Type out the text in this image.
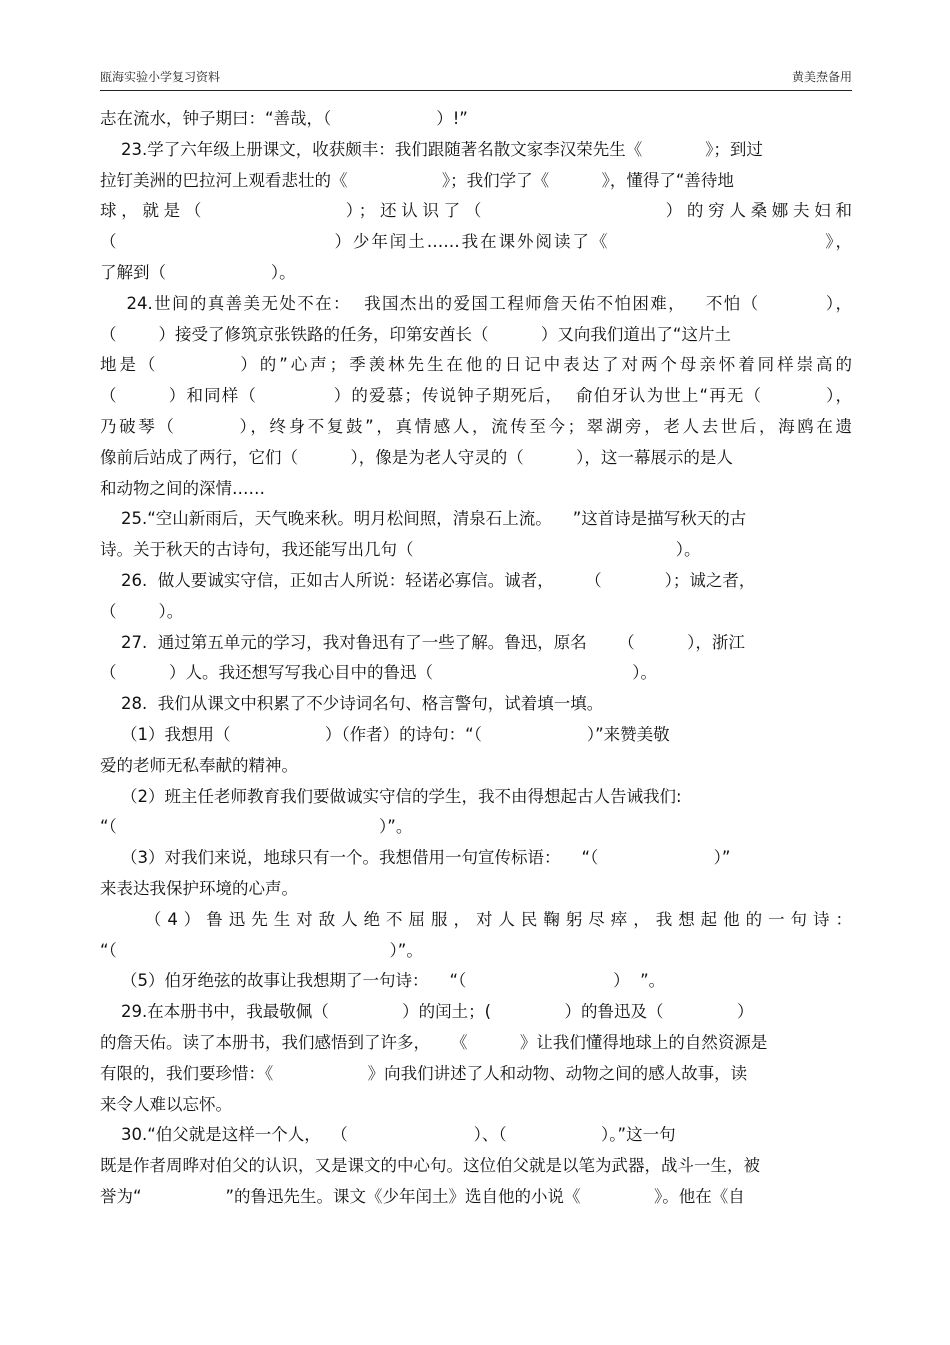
瓯海实验小学复习资料	黄美焘备用
志在流水，钟子期曰：“善哉，（                    ）!”
23.学了六年级上册课文，收获颇丰：我们跟随著名散文家李汉荣先生《            》；到过
拉钉美洲的巴拉河上观看悲壮的《                  》；我们学了《          》，懂得了“善待地
球，就是（              ）；还认识了（                  ）的穷人桑娜夫妇和
（                              ）少年闰土……我在课外阅读了《                              》，
了解到（                    ）。
24.世间的真善美无处不在：  我国杰出的爱国工程师詹天佑不怕困难，   不怕（          ），
（        ）接受了修筑京张铁路的任务，印第安酋长（          ）又向我们道出了“这片土
地是（          ）的”心声；季羡林先生在他的日记中表达了对两个母亲怀着同样崇高的
（        ）和同样（            ）的爱慕；传说钟子期死后，  俞伯牙认为世上“再无（          ），
乃破琴（        ），终身不复鼓”，真情感人，流传至今；翠湖旁，老人去世后，海鸥在遗
像前后站成了两行，它们（          ），像是为老人守灵的（          ），这一幕展示的是人
和动物之间的深情……
25.“空山新雨后，天气晚来秋。明月松间照，清泉石上流。    ”这首诗是描写秋天的古
诗。关于秋天的古诗句，我还能写出几句（                                                  ）。
26.  做人要诚实守信，正如古人所说：轻诺必寡信。诚者，      （            ）；诚之者，
（        ）。
27.  通过第五单元的学习，我对鲁迅有了一些了解。鲁迅，原名      （          ），浙江
（          ）人。我还想写写我心目中的鲁迅（                                      ）。
28.  我们从课文中积累了不少诗词名句、格言警句，试着填一填。
（1）我想用（                  ）（作者）的诗句：“（                    ）”来赞美敬
爱的老师无私奉献的精神。
（2）班主任老师教育我们要做诚实守信的学生，我不由得想起古人告诫我们:
“（                                                  ）”。
（3）对我们来说，地球只有一个。我想借用一句宣传标语：    “（                      ）”
来表达我保护环境的心声。
（4）鲁迅先生对敌人绝不屈服，对人民鞠躬尽瘁，我想起他的一句诗：
“（                                                    ）”。
（5）伯牙绝弦的故事让我想期了一句诗：    “（                            ）  ”。
29.在本册书中，我最敬佩（              ）的闰土；(              ）的鲁迅及（              ）
的詹天佑。读了本册书，我们感悟到了许多，    《          》让我们懂得地球上的自然资源是
有限的，我们要珍惜：《                  》向我们讲述了人和动物、动物之间的感人故事，读
来令人难以忘怀。
30.“伯父就是这样一个人，  （                        ）、（                  ）。”这一句
既是作者周晔对伯父的认识，又是课文的中心句。这位伯父就是以笔为武器，战斗一生，被
誉为“                ”的鲁迅先生。课文《少年闰土》选自他的小说《              》。他在《自
